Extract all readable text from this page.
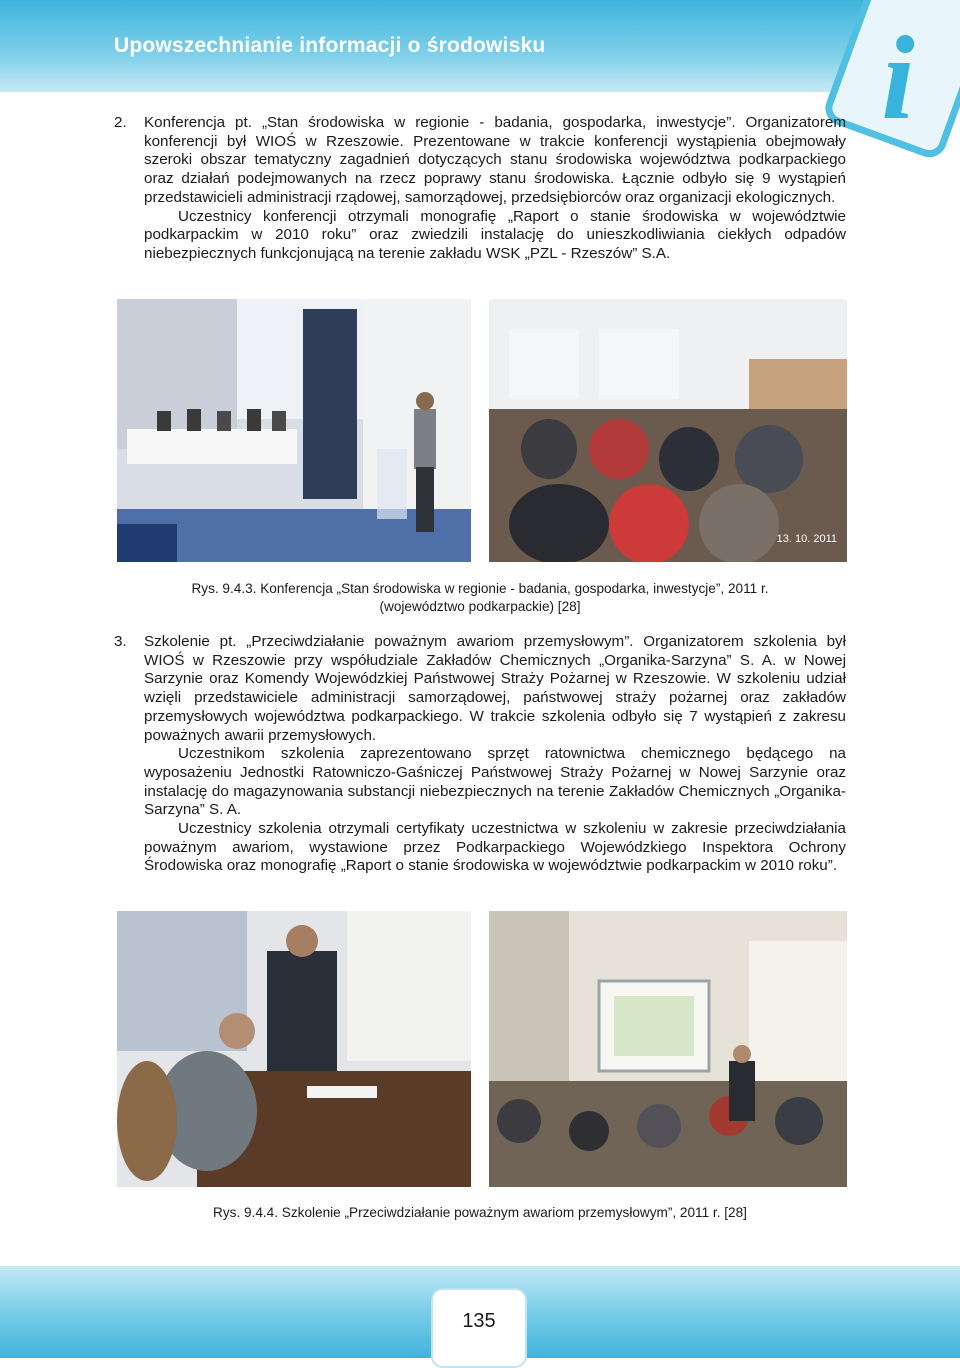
Upowszechnianie informacji o środowisku	i
2. Konferencja pt. „Stan środowiska w regionie - badania, gospodarka, inwestycje”. Organizatorem konferencji był WIOŚ w Rzeszowie. Prezentowane w trakcie konferencji wystąpienia obejmowały szeroki obszar tematyczny zagadnień dotyczących stanu środowiska województwa podkarpackiego oraz działań podejmowanych na rzecz poprawy stanu środowiska. Łącznie odbyło się 9 wystąpień przedstawicieli administracji rządowej, samorządowej, przedsiębiorców oraz organizacji ekologicznych.

Uczestnicy konferencji otrzymali monografię „Raport o stanie środowiska w województwie podkarpackim w 2010 roku” oraz zwiedzili instalację do unieszkodliwiania ciekłych odpadów niebezpiecznych funkcjonującą na terenie zakładu WSK „PZL - Rzeszów” S.A.

13. 10. 2011
Rys. 9.4.3. Konferencja „Stan środowiska w regionie - badania, gospodarka, inwestycje”, 2011 r.
(województwo podkarpackie) [28]
3. Szkolenie pt. „Przeciwdziałanie poważnym awariom przemysłowym”. Organizatorem szkolenia był WIOŚ w Rzeszowie przy współudziale Zakładów Chemicznych „Organika-Sarzyna” S. A. w Nowej Sarzynie oraz Komendy Wojewódzkiej Państwowej Straży Pożarnej w Rzeszowie. W szkoleniu udział wzięli przedstawiciele administracji samorządowej, państwowej straży pożarnej oraz zakładów przemysłowych województwa podkarpackiego. W trakcie szkolenia odbyło się 7 wystąpień z zakresu poważnych awarii przemysłowych.

Uczestnikom szkolenia zaprezentowano sprzęt ratownictwa chemicznego będącego na wyposażeniu Jednostki Ratowniczo-Gaśniczej Państwowej Straży Pożarnej w Nowej Sarzynie oraz instalację do magazynowania substancji niebezpiecznych na terenie Zakładów Chemicznych „Organika-Sarzyna” S. A.

Uczestnicy szkolenia otrzymali certyfikaty uczestnictwa w szkoleniu w zakresie przeciwdziałania poważnym awariom, wystawione przez Podkarpackiego Wojewódzkiego Inspektora Ochrony Środowiska oraz monografię „Raport o stanie środowiska w województwie podkarpackim w 2010 roku”.

Rys. 9.4.4. Szkolenie „Przeciwdziałanie poważnym awariom przemysłowym”, 2011 r. [28]
135
